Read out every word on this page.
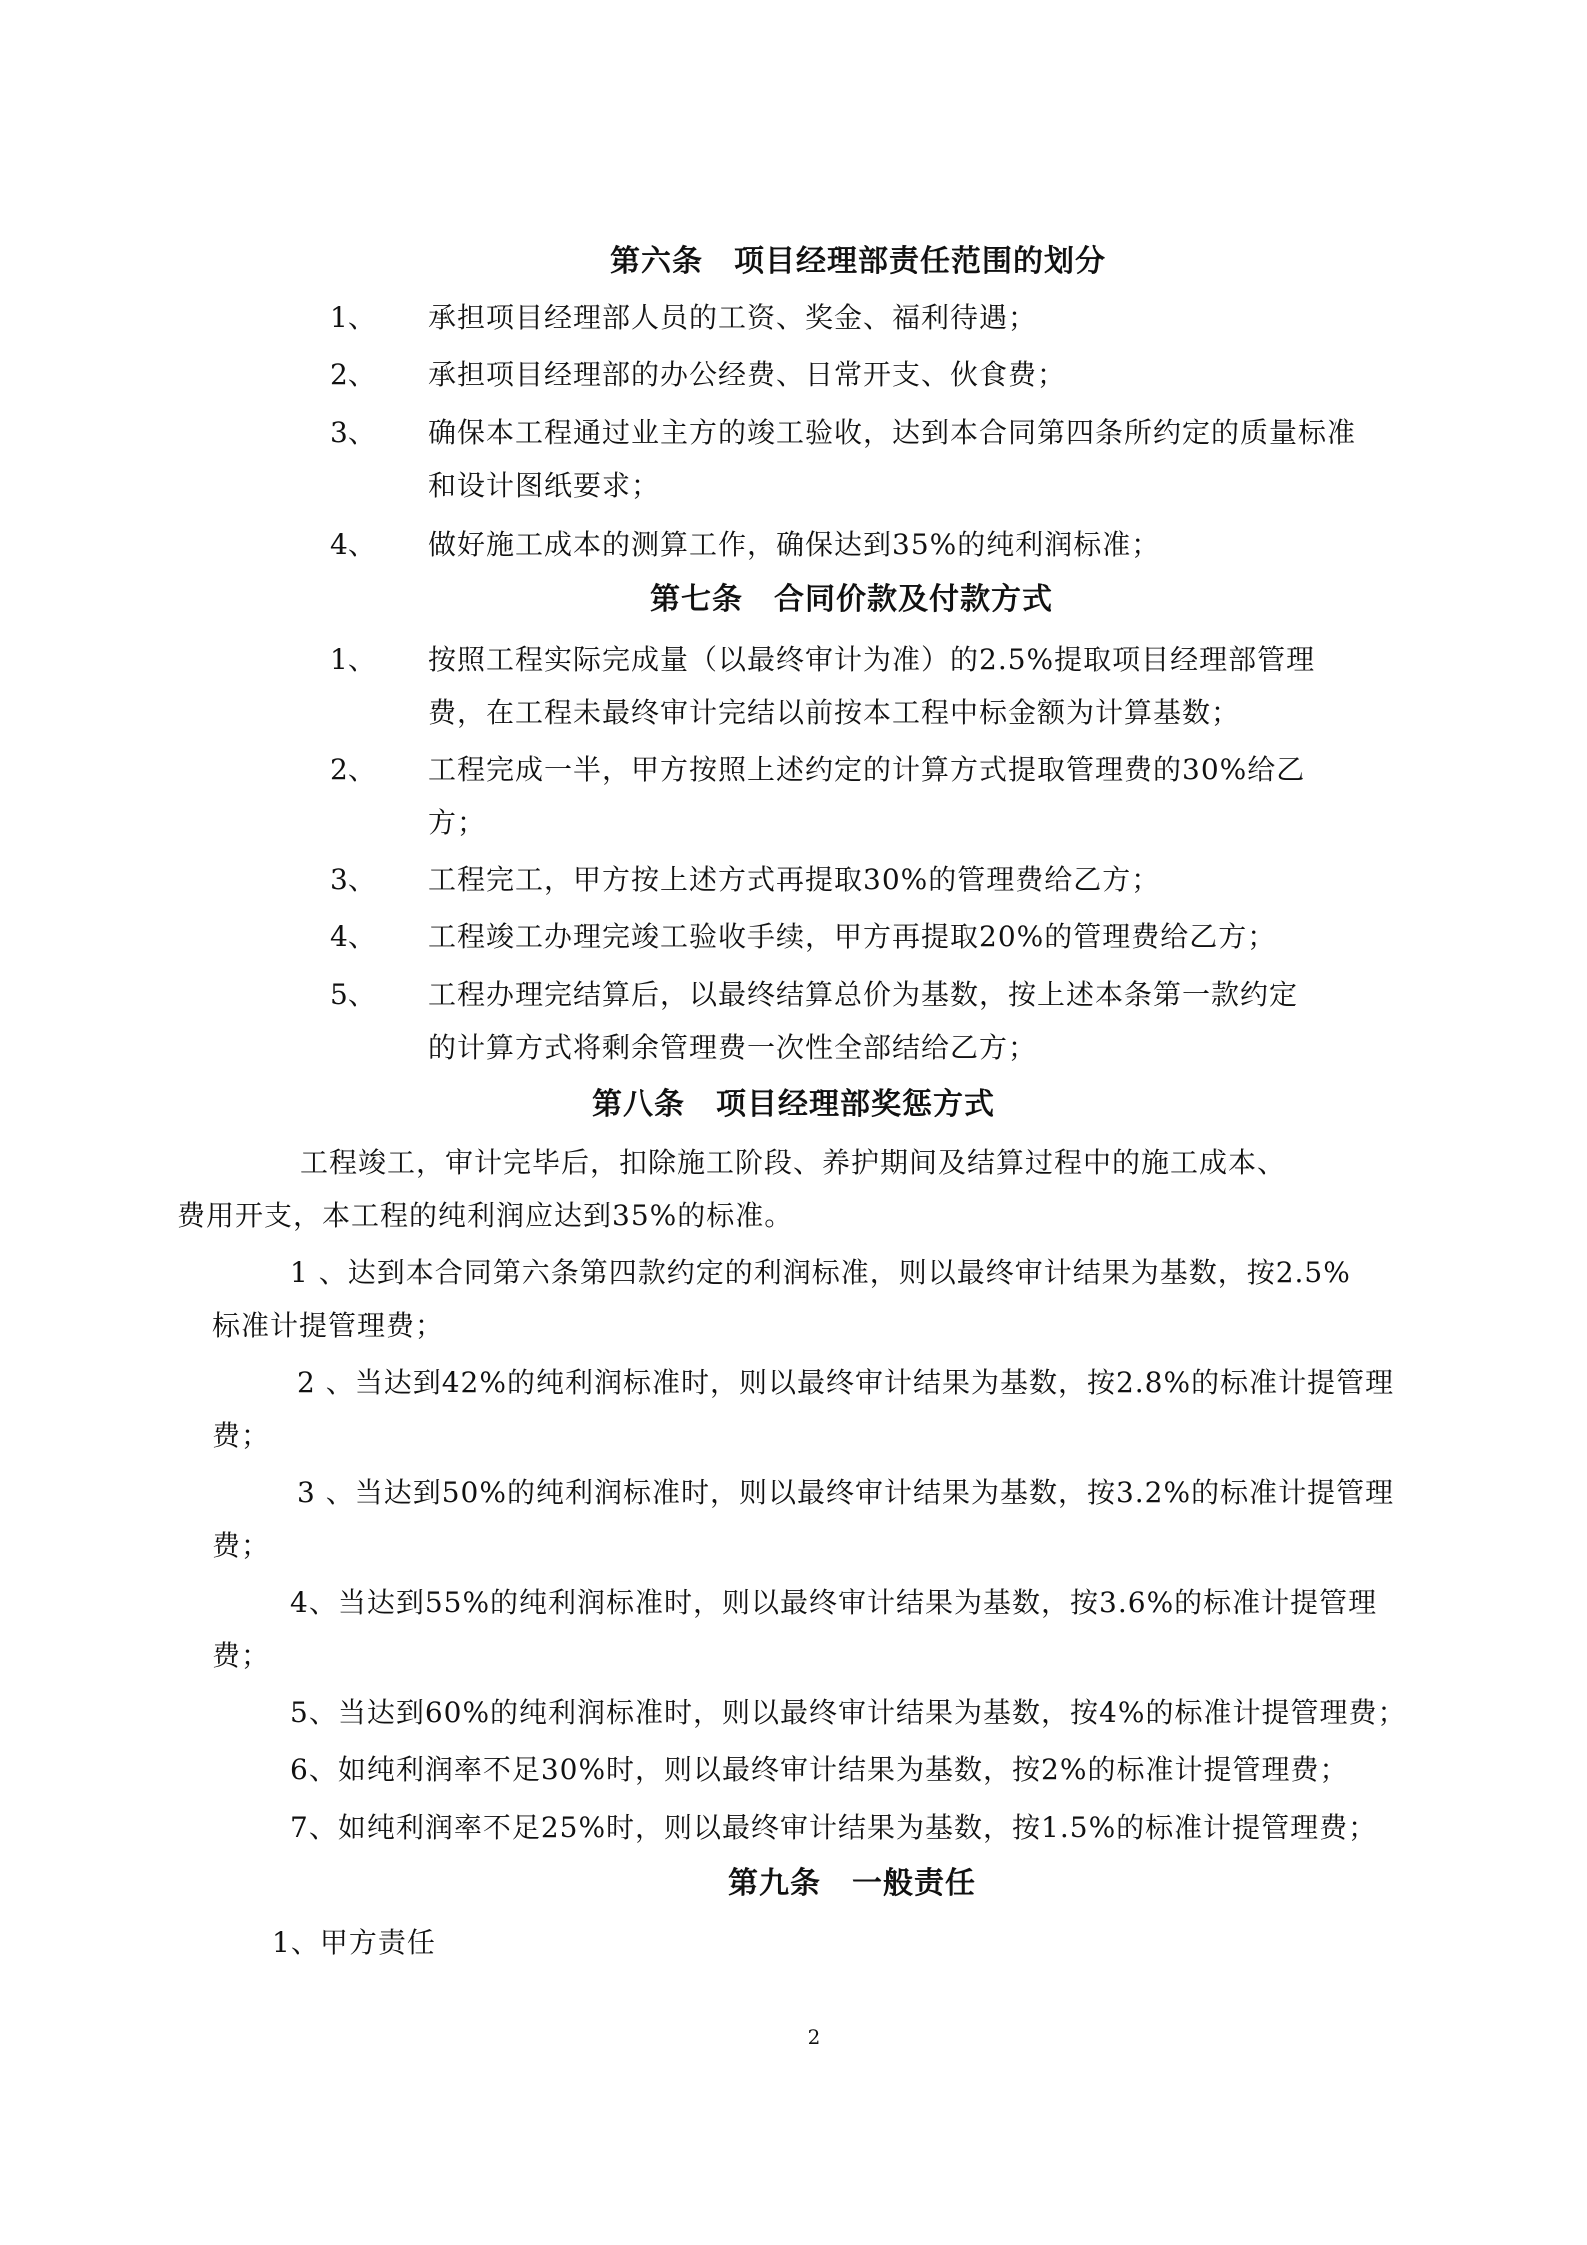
第六条　项目经理部责任范围的划分
1、 承担项目经理部人员的工资、奖金、福利待遇；
2、 承担项目经理部的办公经费、日常开支、伙食费；
3、 确保本工程通过业主方的竣工验收，达到本合同第四条所约定的质量标准
和设计图纸要求；
4、 做好施工成本的测算工作，确保达到35%的纯利润标准；
第七条　合同价款及付款方式
1、 按照工程实际完成量（以最终审计为准）的2.5%提取项目经理部管理
费，在工程未最终审计完结以前按本工程中标金额为计算基数；
2、 工程完成一半，甲方按照上述约定的计算方式提取管理费的30%给乙
方；
3、 工程完工，甲方按上述方式再提取30%的管理费给乙方；
4、 工程竣工办理完竣工验收手续，甲方再提取20%的管理费给乙方；
5、 工程办理完结算后，以最终结算总价为基数，按上述本条第一款约定
的计算方式将剩余管理费一次性全部结给乙方；
第八条　项目经理部奖惩方式
工程竣工，审计完毕后，扣除施工阶段、养护期间及结算过程中的施工成本、
费用开支，本工程的纯利润应达到35%的标准。
1 、达到本合同第六条第四款约定的利润标准，则以最终审计结果为基数，按2.5%
标准计提管理费；
2 、当达到42%的纯利润标准时，则以最终审计结果为基数，按2.8%的标准计提管理
费；
3 、当达到50%的纯利润标准时，则以最终审计结果为基数，按3.2%的标准计提管理
费；
4、当达到55%的纯利润标准时，则以最终审计结果为基数，按3.6%的标准计提管理
费；
5、当达到60%的纯利润标准时，则以最终审计结果为基数，按4%的标准计提管理费；
6、如纯利润率不足30%时，则以最终审计结果为基数，按2%的标准计提管理费；
7、如纯利润率不足25%时，则以最终审计结果为基数，按1.5%的标准计提管理费；
第九条　一般责任
1、甲方责任
2
